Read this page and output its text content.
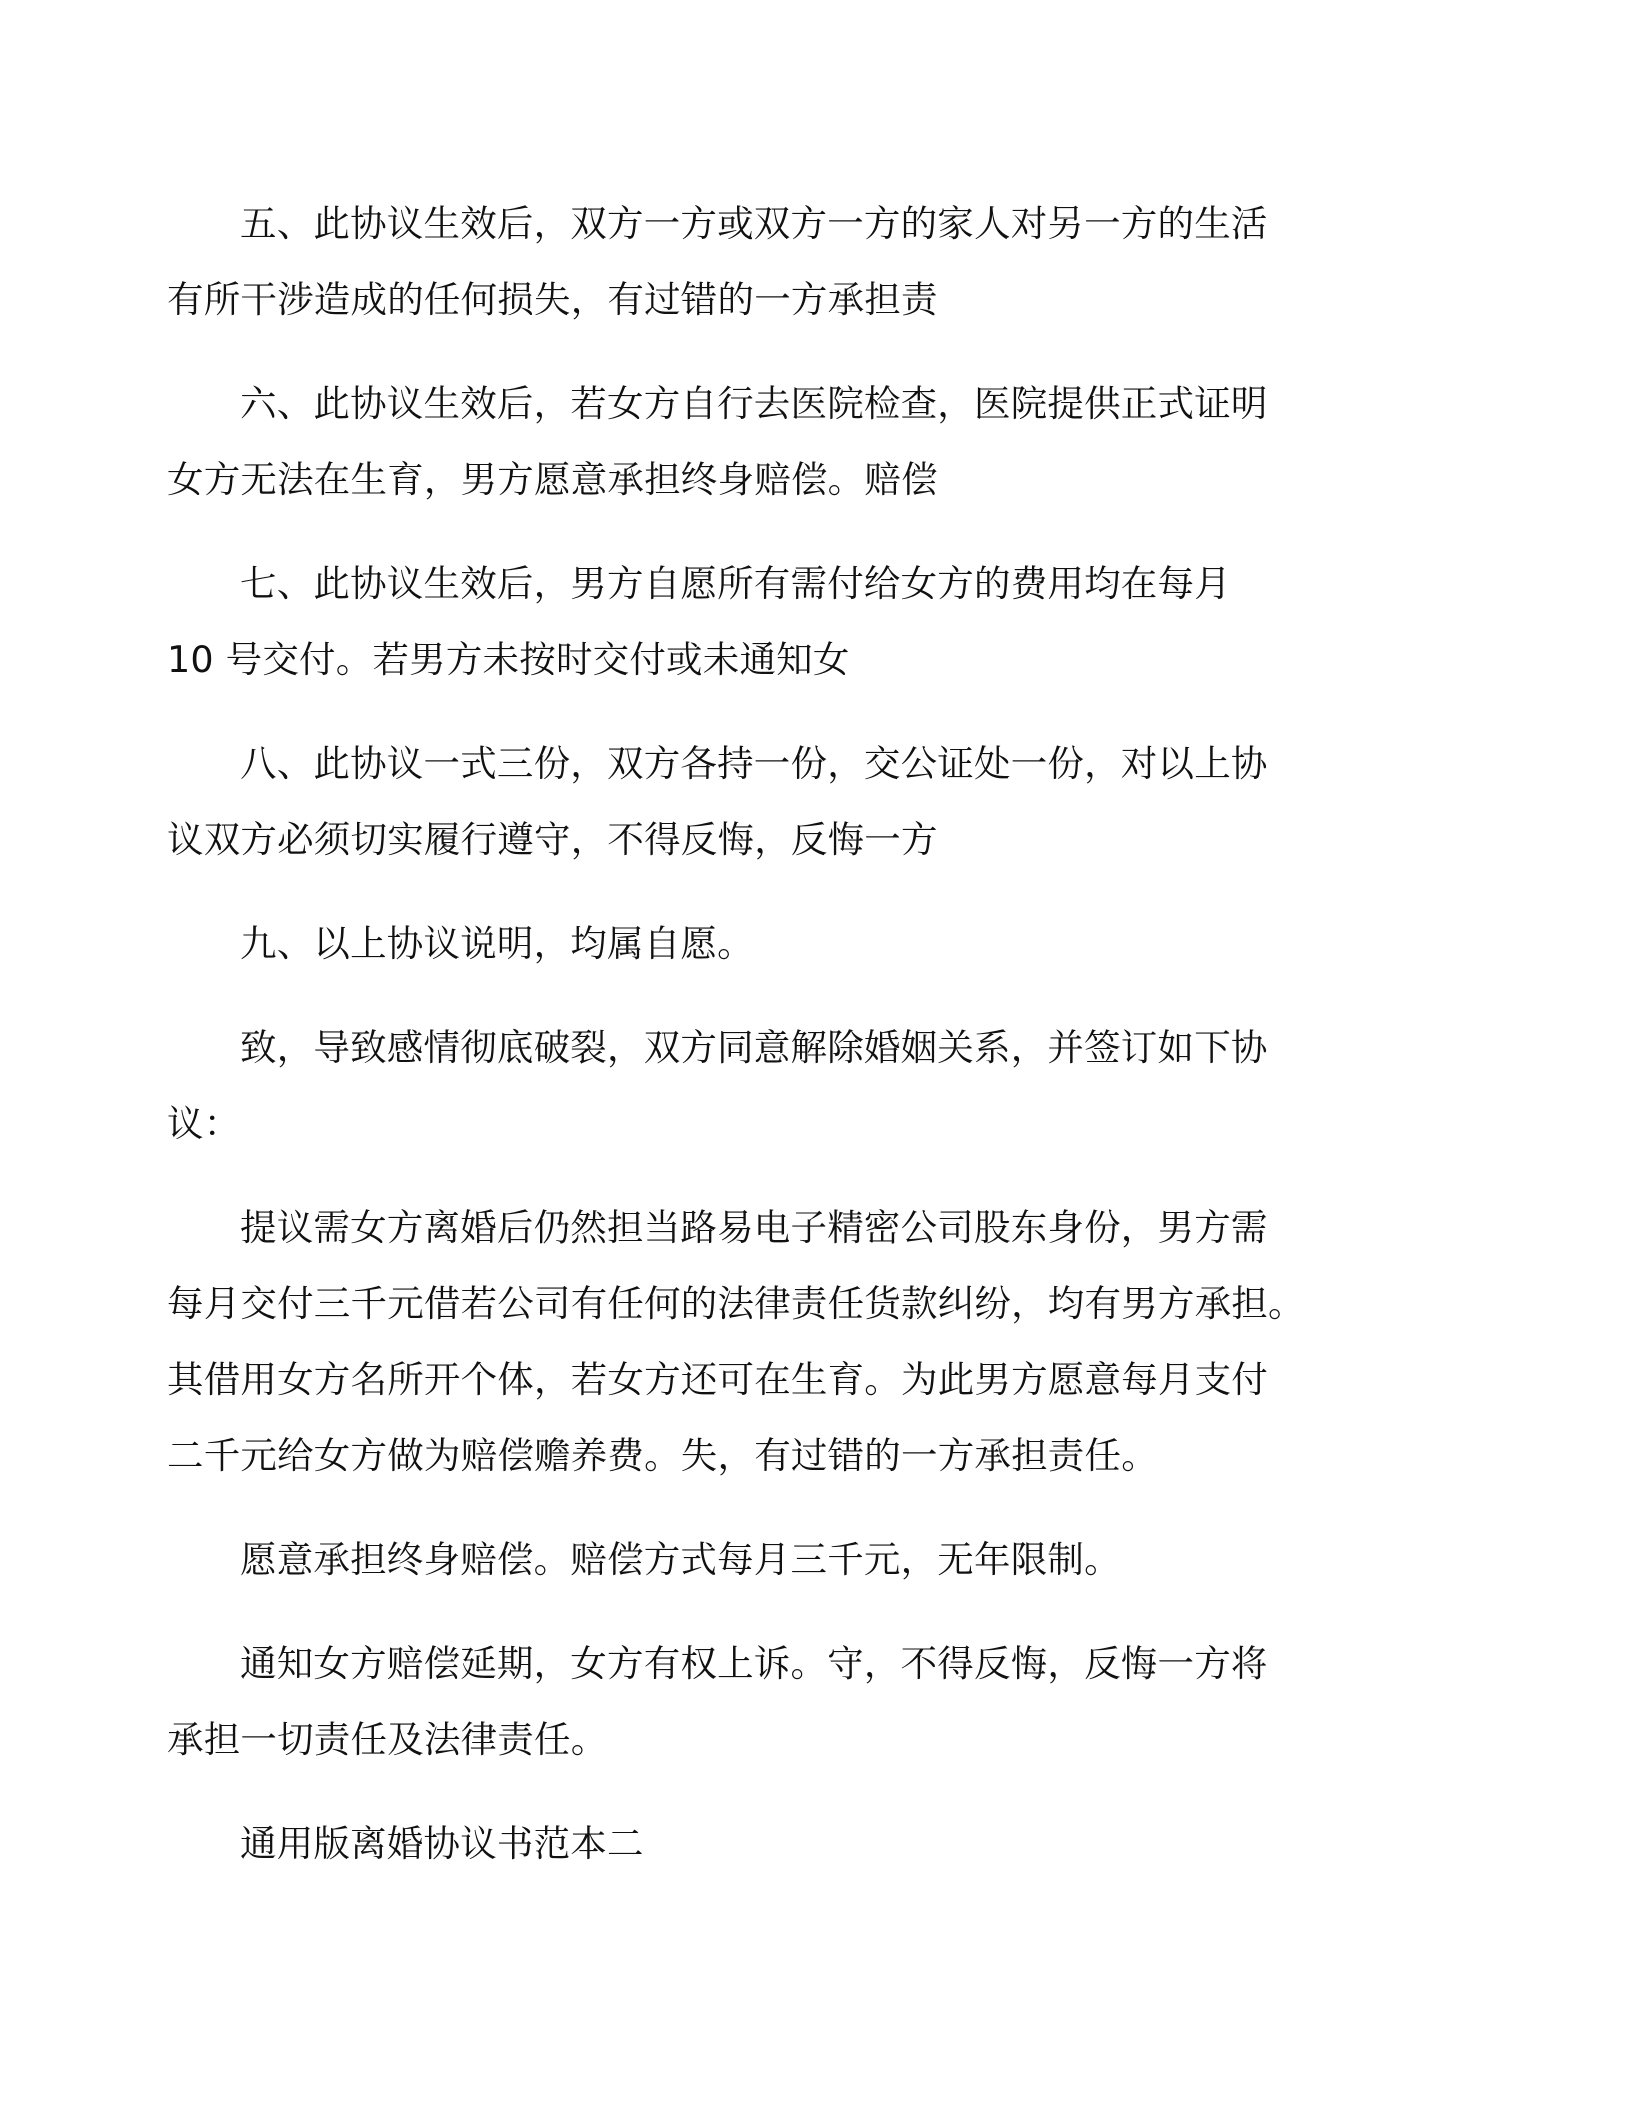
五、此协议生效后，双方一方或双方一方的家人对另一方的生活
有所干涉造成的任何损失，有过错的一方承担责

六、此协议生效后，若女方自行去医院检查，医院提供正式证明
女方无法在生育，男方愿意承担终身赔偿。赔偿

七、此协议生效后，男方自愿所有需付给女方的费用均在每月
10 号交付。若男方未按时交付或未通知女

八、此协议一式三份，双方各持一份，交公证处一份，对以上协
议双方必须切实履行遵守，不得反悔，反悔一方

九、以上协议说明，均属自愿。

致，导致感情彻底破裂，双方同意解除婚姻关系，并签订如下协
议：

提议需女方离婚后仍然担当路易电子精密公司股东身份，男方需
每月交付三千元借若公司有任何的法律责任货款纠纷，均有男方承担。
其借用女方名所开个体，若女方还可在生育。为此男方愿意每月支付
二千元给女方做为赔偿赡养费。失，有过错的一方承担责任。

愿意承担终身赔偿。赔偿方式每月三千元，无年限制。

通知女方赔偿延期，女方有权上诉。守，不得反悔，反悔一方将
承担一切责任及法律责任。

通用版离婚协议书范本二
